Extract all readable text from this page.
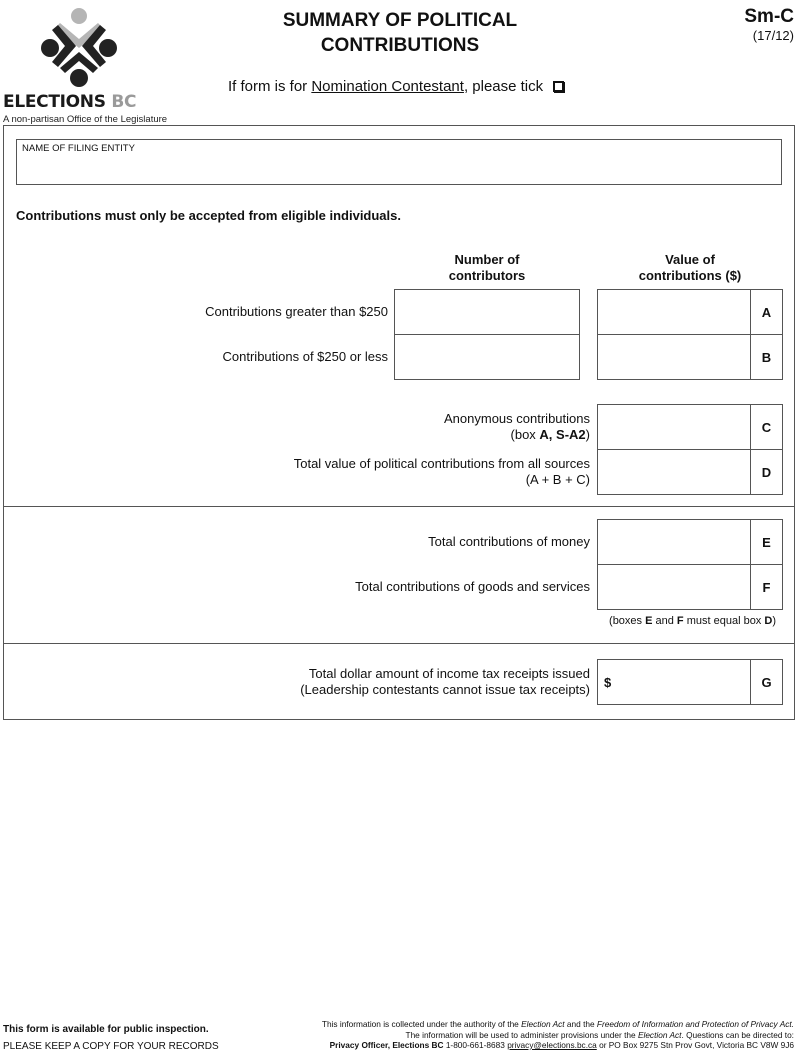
ELECTIONS BC
A non-partisan Office of the Legislature
SUMMARY OF POLITICAL
CONTRIBUTIONS
Sm-C
(17/12)
If form is for Nomination Contestant, please tick
NAME OF FILING ENTITY
Contributions must only be accepted from eligible individuals.
Number of
contributors
Value of
contributions ($)
Contributions greater than $250	A
Contributions of $250 or less	B
Anonymous contributions
(box A, S-A2)	C
Total value of political contributions from all sources
(A + B + C)	D
Total contributions of money	E
Total contributions of goods and services	F
(boxes E and F must equal box D)
Total dollar amount of income tax receipts issued
(Leadership contestants cannot issue tax receipts) $	G
This form is available for public inspection.
PLEASE KEEP A COPY FOR YOUR RECORDS
This information is collected under the authority of the Election Act and the Freedom of Information and Protection of Privacy Act.
The information will be used to administer provisions under the Election Act. Questions can be directed to:
Privacy Officer, Elections BC 1-800-661-8683 privacy@elections.bc.ca or PO Box 9275 Stn Prov Govt, Victoria BC V8W 9J6
